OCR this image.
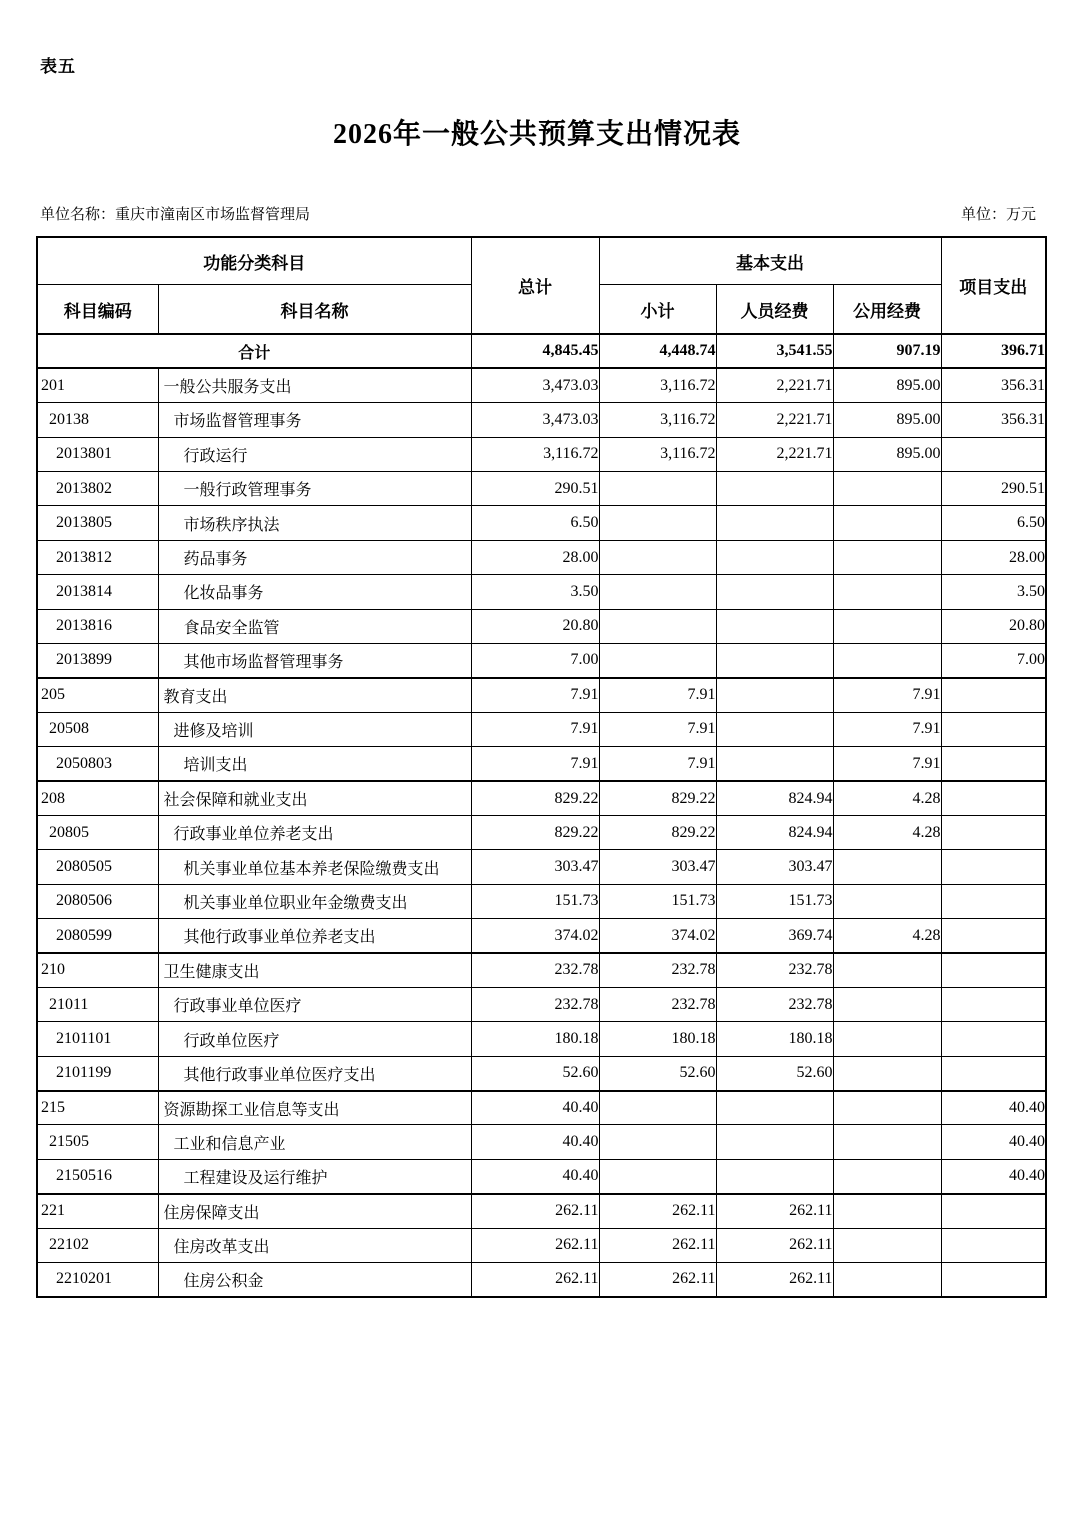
表五
2026年一般公共预算支出情况表
单位名称：重庆市潼南区市场监督管理局	单位：万元
功能分类科目		总计	基本支出			项目支出
科目编码	科目名称		小计	人员经费	公用经费	
合计		4,845.45	4,448.74	3,541.55	907.19	396.71
201	一般公共服务支出	3,473.03	3,116.72	2,221.71	895.00	356.31
20138	市场监督管理事务	3,473.03	3,116.72	2,221.71	895.00	356.31
2013801	行政运行	3,116.72	3,116.72	2,221.71	895.00	
2013802	一般行政管理事务	290.51				290.51
2013805	市场秩序执法	6.50				6.50
2013812	药品事务	28.00				28.00
2013814	化妆品事务	3.50				3.50
2013816	食品安全监管	20.80				20.80
2013899	其他市场监督管理事务	7.00				7.00
205	教育支出	7.91	7.91		7.91	
20508	进修及培训	7.91	7.91		7.91	
2050803	培训支出	7.91	7.91		7.91	
208	社会保障和就业支出	829.22	829.22	824.94	4.28	
20805	行政事业单位养老支出	829.22	829.22	824.94	4.28	
2080505	机关事业单位基本养老保险缴费支出	303.47	303.47	303.47		
2080506	机关事业单位职业年金缴费支出	151.73	151.73	151.73		
2080599	其他行政事业单位养老支出	374.02	374.02	369.74	4.28	
210	卫生健康支出	232.78	232.78	232.78		
21011	行政事业单位医疗	232.78	232.78	232.78		
2101101	行政单位医疗	180.18	180.18	180.18		
2101199	其他行政事业单位医疗支出	52.60	52.60	52.60		
215	资源勘探工业信息等支出	40.40				40.40
21505	工业和信息产业	40.40				40.40
2150516	工程建设及运行维护	40.40				40.40
221	住房保障支出	262.11	262.11	262.11		
22102	住房改革支出	262.11	262.11	262.11		
2210201	住房公积金	262.11	262.11	262.11		
